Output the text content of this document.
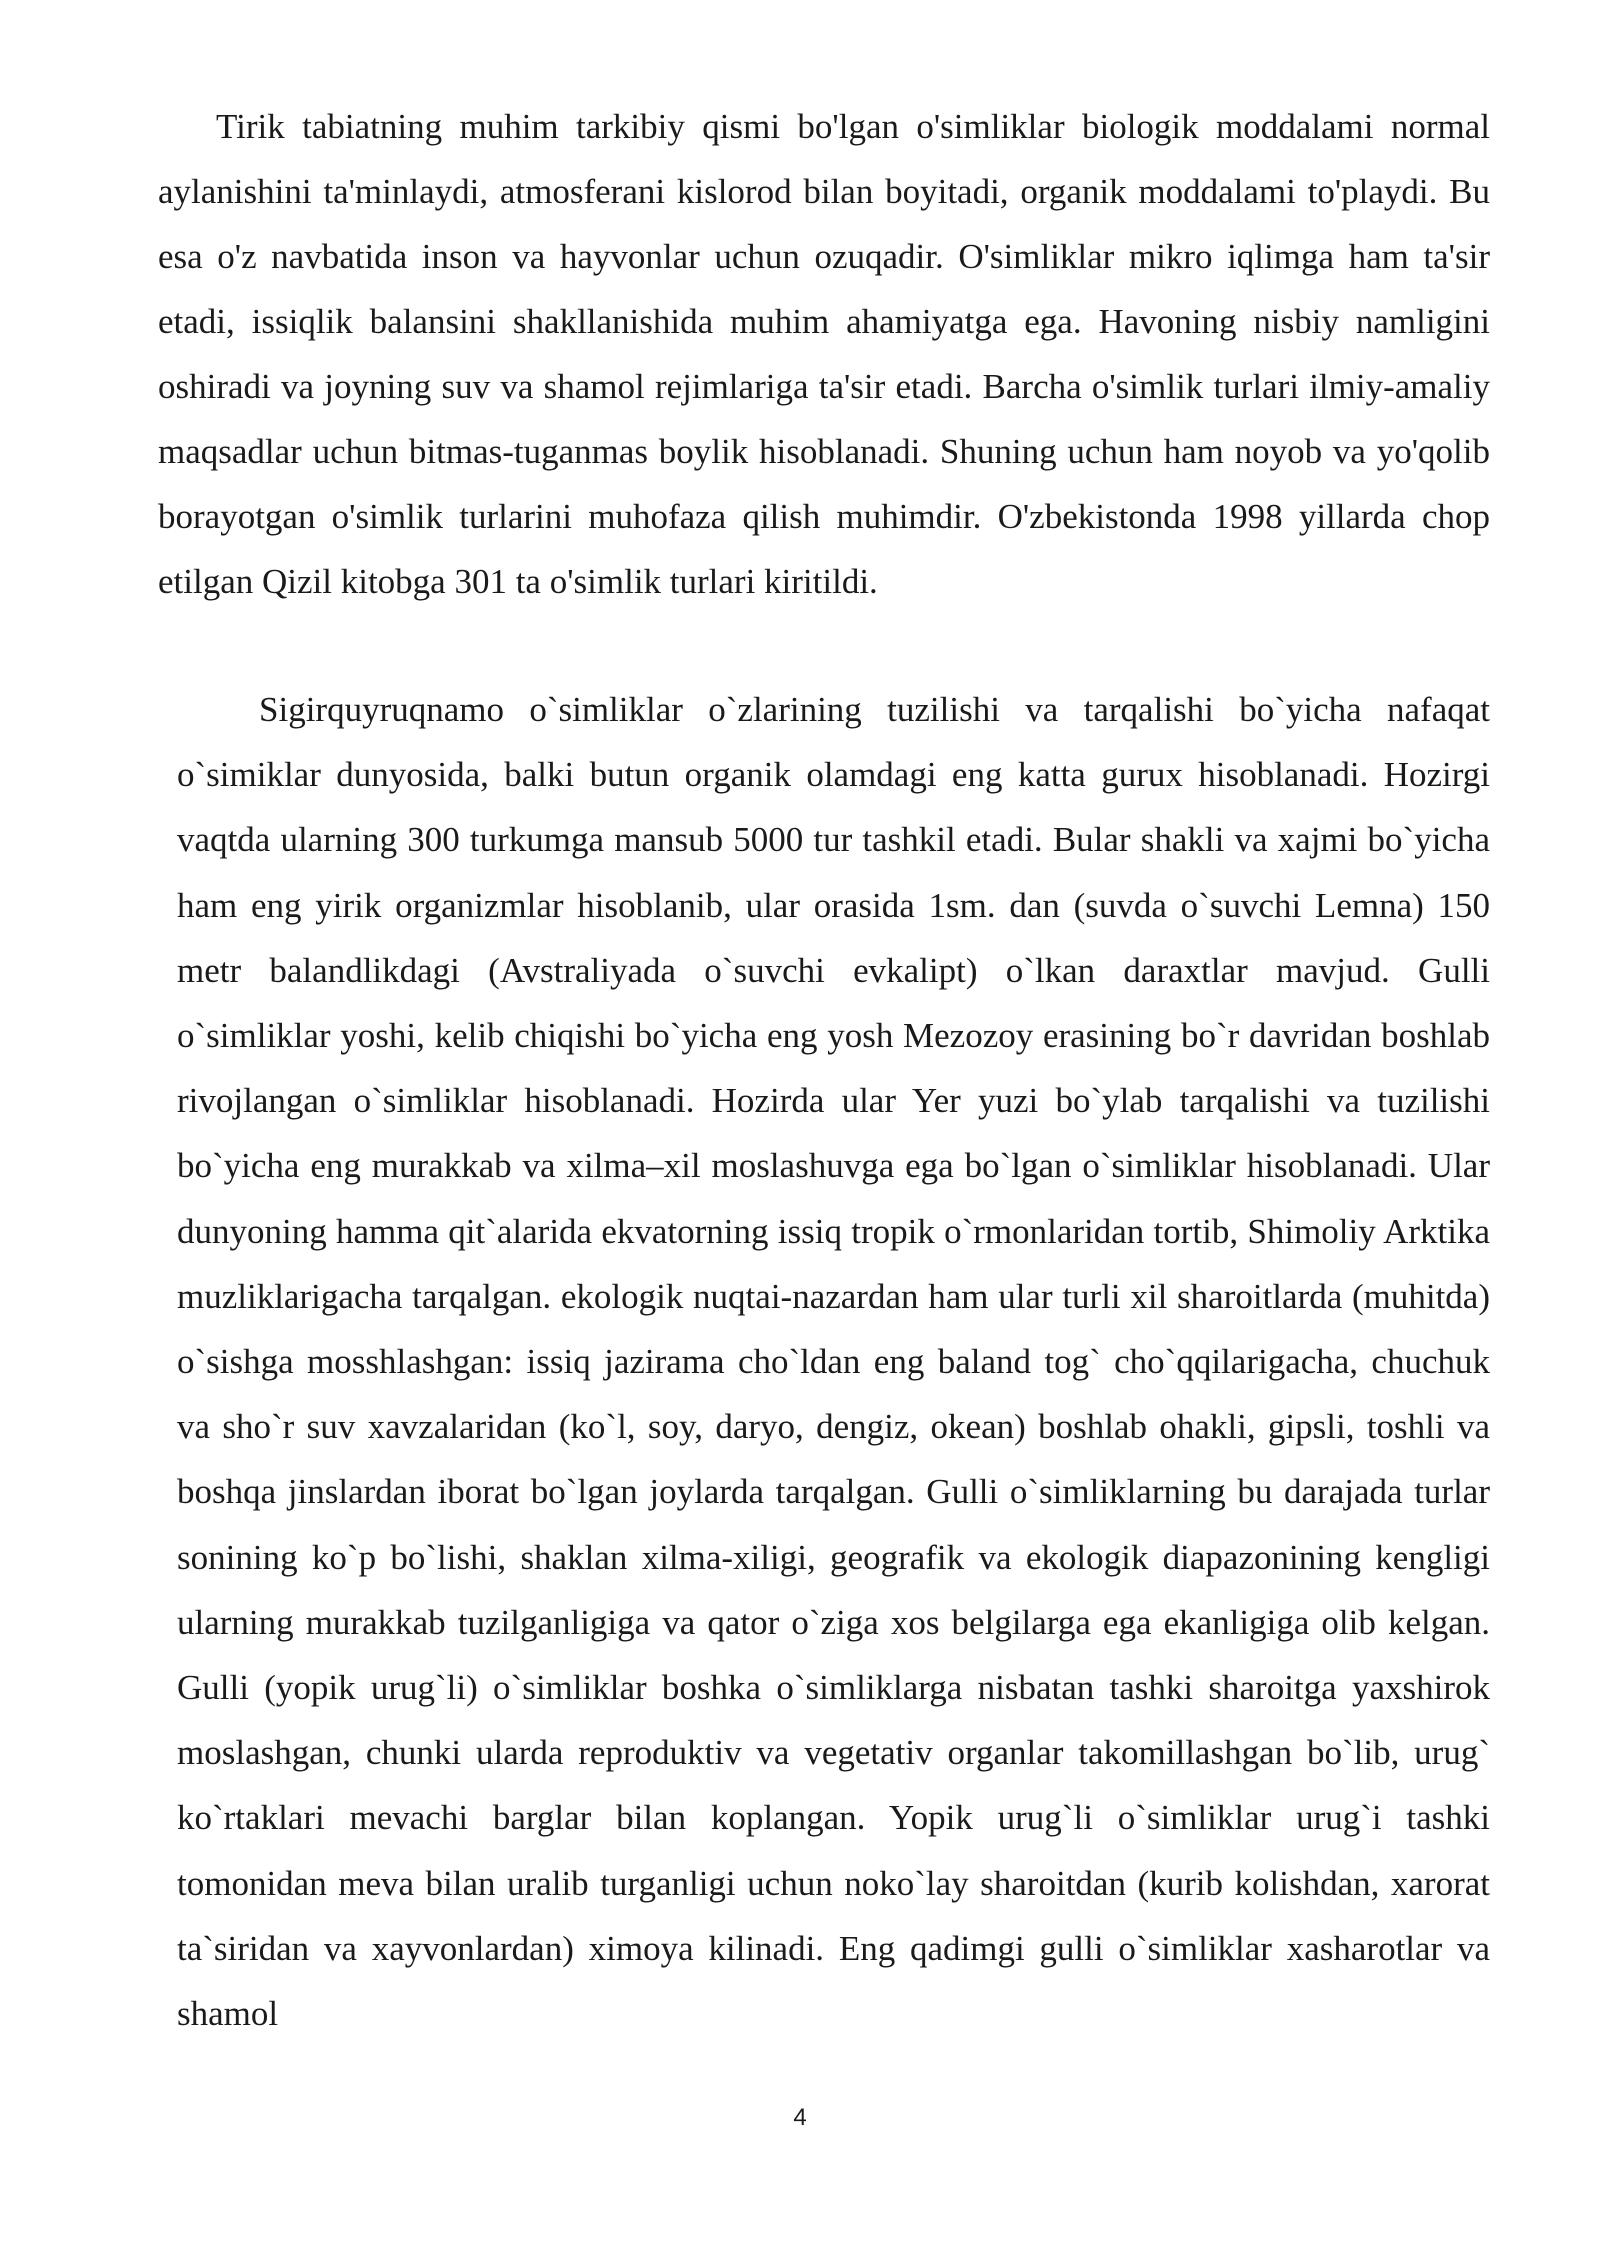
Tirik tabiatning muhim tarkibiy qismi bo'lgan o'simliklar biologik moddalami normal aylanishini ta'minlaydi, atmosferani kislorod bilan boyitadi, organik moddalami to'playdi. Bu esa o'z navbatida inson va hayvonlar uchun ozuqadir. O'simliklar mikro iqlimga ham ta'sir etadi, issiqlik balansini shakllanishida muhim ahamiyatga ega. Havoning nisbiy namligini oshiradi va joyning suv va shamol rejimlariga ta'sir etadi. Barcha o'simlik turlari ilmiy-amaliy maqsadlar uchun bitmas-tuganmas boylik hisoblanadi. Shuning uchun ham noyob va yo'qolib borayotgan o'simlik turlarini muhofaza qilish muhimdir. O'zbekistonda 1998 yillarda chop etilgan Qizil kitobga 301 ta o'simlik turlari kiritildi.

Sigirquyruqnamo o`simliklar o`zlarining tuzilishi va tarqalishi bo`yicha nafaqat o`simiklar dunyosida, balki butun organik olamdagi eng katta gurux hisoblanadi. Hozirgi vaqtda ularning 300 turkumga mansub 5000 tur tashkil etadi. Bular shakli va xajmi bo`yicha ham eng yirik organizmlar hisoblanib, ular orasida 1sm. dan (suvda o`suvchi Lemna) 150 metr balandlikdagi (Avstraliyada o`suvchi evkalipt) o`lkan daraxtlar mavjud. Gulli o`simliklar yoshi, kelib chiqishi bo`yicha eng yosh Mezozoy erasining bo`r davridan boshlab rivojlangan o`simliklar hisoblanadi. Hozirda ular Yer yuzi bo`ylab tarqalishi va tuzilishi bo`yicha eng murakkab va xilma–xil moslashuvga ega bo`lgan o`simliklar hisoblanadi. Ular dunyoning hamma qit`alarida ekvatorning issiq tropik o`rmonlaridan tortib, Shimoliy Arktika muzliklarigacha tarqalgan. ekologik nuqtai-nazardan ham ular turli xil sharoitlarda (muhitda) o`sishga mosshlashgan: issiq jazirama cho`ldan eng baland tog` cho`qqilarigacha, chuchuk va sho`r suv xavzalaridan (ko`l, soy, daryo, dengiz, okean) boshlab ohakli, gipsli, toshli va boshqa jinslardan iborat bo`lgan joylarda tarqalgan. Gulli o`simliklarning bu darajada turlar sonining ko`p bo`lishi, shaklan xilma-xiligi, geografik va ekologik diapazonining kengligi ularning murakkab tuzilganligiga va qator o`ziga xos belgilarga ega ekanligiga olib kelgan. Gulli (yopik urug`li) o`simliklar boshka o`simliklarga nisbatan tashki sharoitga yaxshirok moslashgan, chunki ularda reproduktiv va vegetativ organlar takomillashgan bo`lib, urug` ko`rtaklari mevachi barglar bilan koplangan. Yopik urug`li o`simliklar urug`i tashki tomonidan meva bilan uralib turganligi uchun noko`lay sharoitdan (kurib kolishdan, xarorat ta`siridan va xayvonlardan) ximoya kilinadi. Eng qadimgi gulli o`simliklar xasharotlar va shamol

4
